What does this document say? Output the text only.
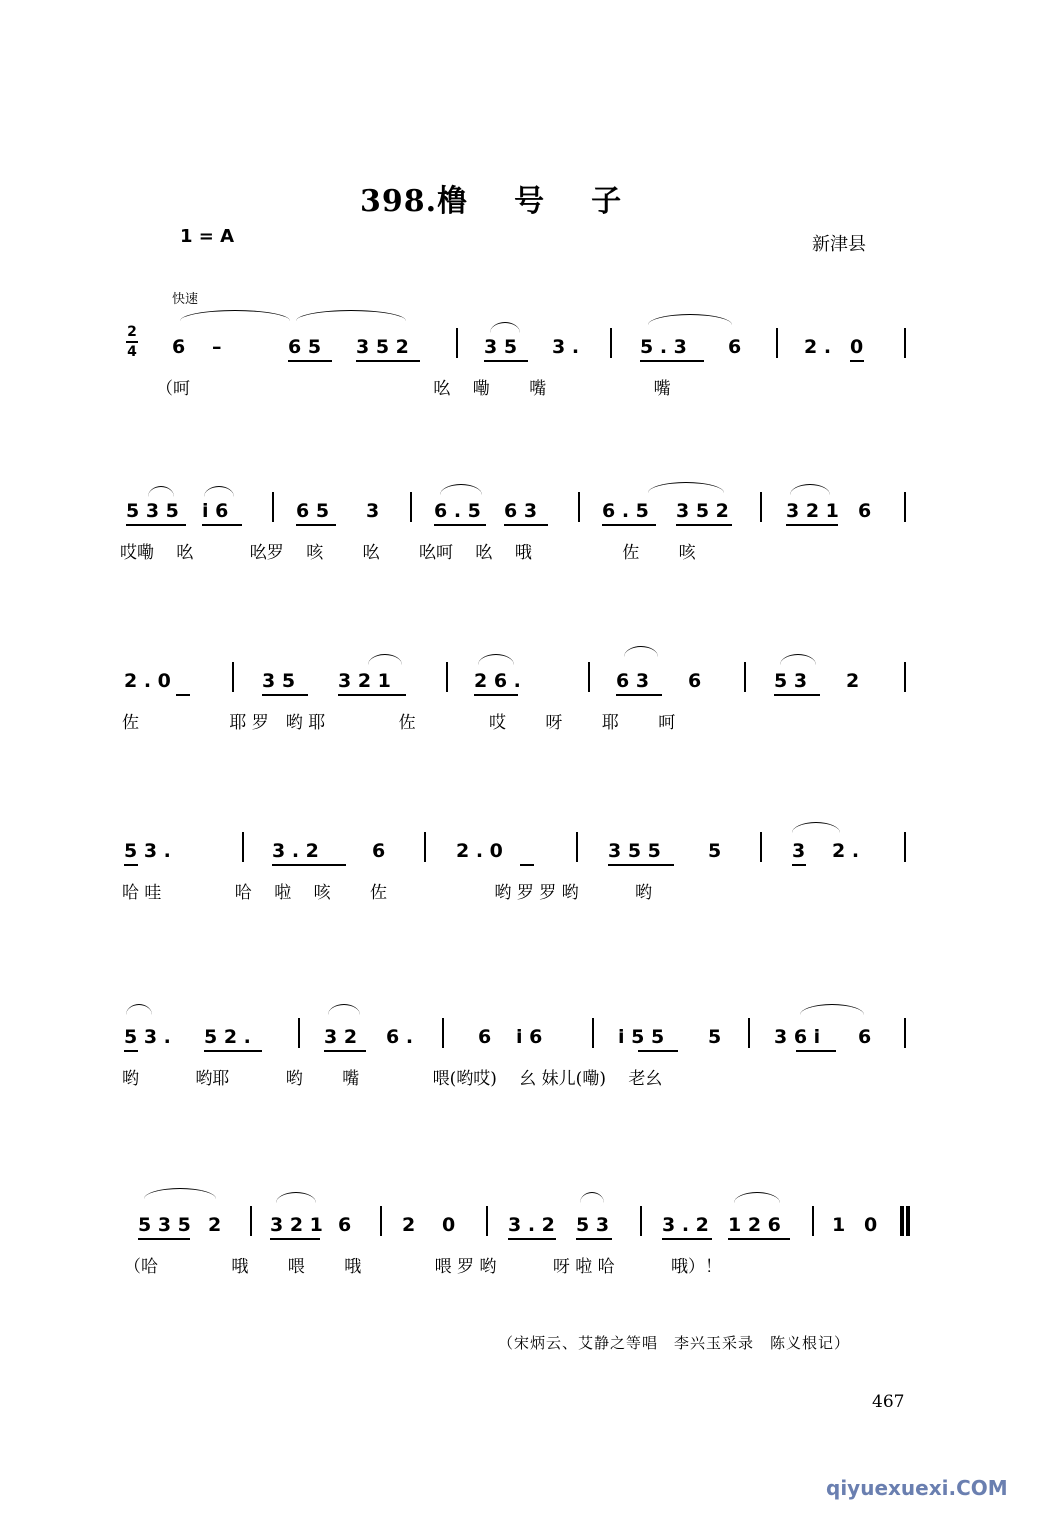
398.橹 号 子
1 = A	新津县
快速
2
4 6 –	6 5 3 5 2	3 5 3 .	5 . 3 6	2 . 0
（呵　　　　　　　　　　　　　　 吆　 嘞　　 嘴　　　　　　 嘴
5 3 5 i 6	6 5 3	6 . 5 6 3	6 . 5 3 5 2	3 2 1 6
哎嘞　 吆　　　 吆罗　 咳　　 吆　　 吆呵　 吆　 哦　　　　　 佐　　 咳
2 . 0	3 5 3 2 1	2 6 .	6 3 6	5 3 2
佐　　　　　 耶 罗　哟 耶　　　　 佐　　　　 哎　　 呀　　 耶　　 呵
5 3 .	3 . 2	6	2 . 0	3 5 5 5	3 2 .
哈 哇　　　　 哈　 啦　 咳　　 佐　　　　　　 哟 罗 罗 哟　　　 哟
5 3 . 5 2 .	3 2 6 .	6 i 6	i 5 5 5	3 6 i 6
哟　　　 哟耶　　　 哟　　 嘴　　　　 喂(哟哎)　 幺 妹儿(嘞)　 老幺
5 3 5 2	3 2 1 6	2 0	3 . 2 5 3	3 . 2 1 2 6	1 0
（哈　　　　 哦　　 喂　　 哦　　　　 喂 罗 哟　　　 呀 啦 哈　　　 哦）！
（宋炳云、艾静之等唱　李兴玉采录　陈义根记）
467
qiyuexuexi.COM
